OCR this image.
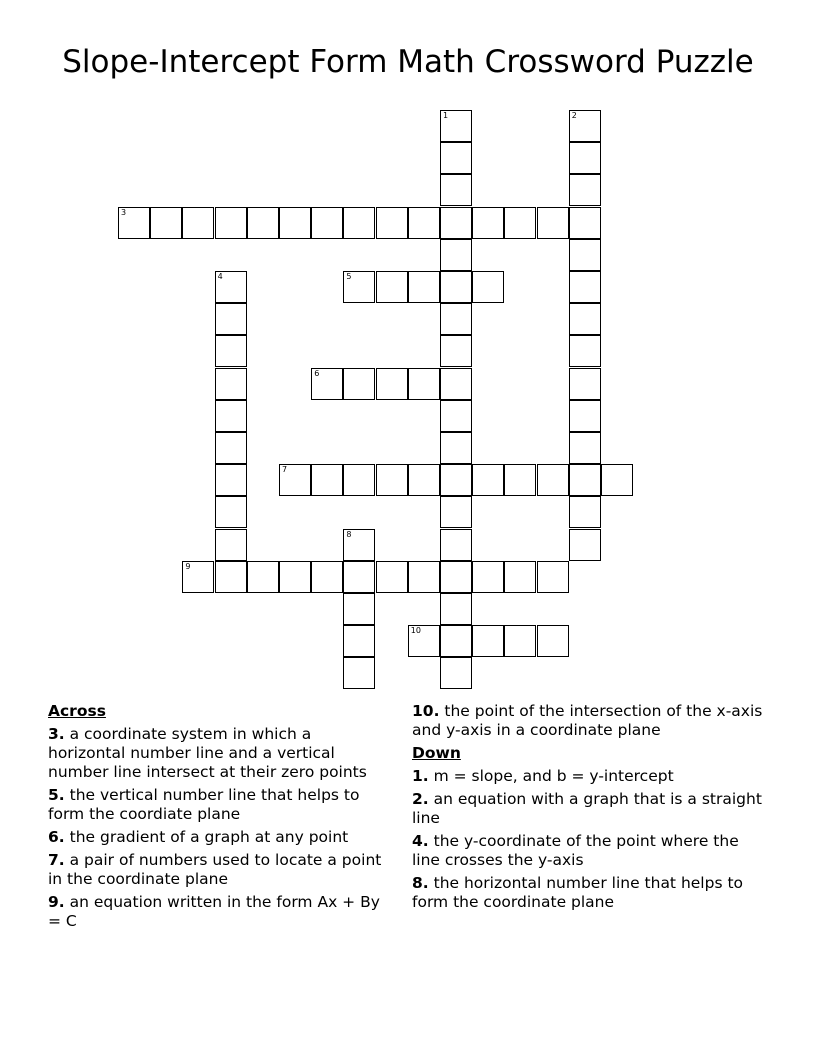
Slope-Intercept Form Math Crossword Puzzle
1	2
3
4	5
6
7
8
9
10
Across
3. a coordinate system in which a horizontal number line and a vertical number line intersect at their zero points
5. the vertical number line that helps to form the coordiate plane
6. the gradient of a graph at any point
7. a pair of numbers used to locate a point in the coordinate plane
9. an equation written in the form Ax + By = C
10. the point of the intersection of the x-axis and y-axis in a coordinate plane
Down
1. m = slope, and b = y-intercept
2. an equation with a graph that is a straight line
4. the y-coordinate of the point where the line crosses the y-axis
8. the horizontal number line that helps to form the coordinate plane
